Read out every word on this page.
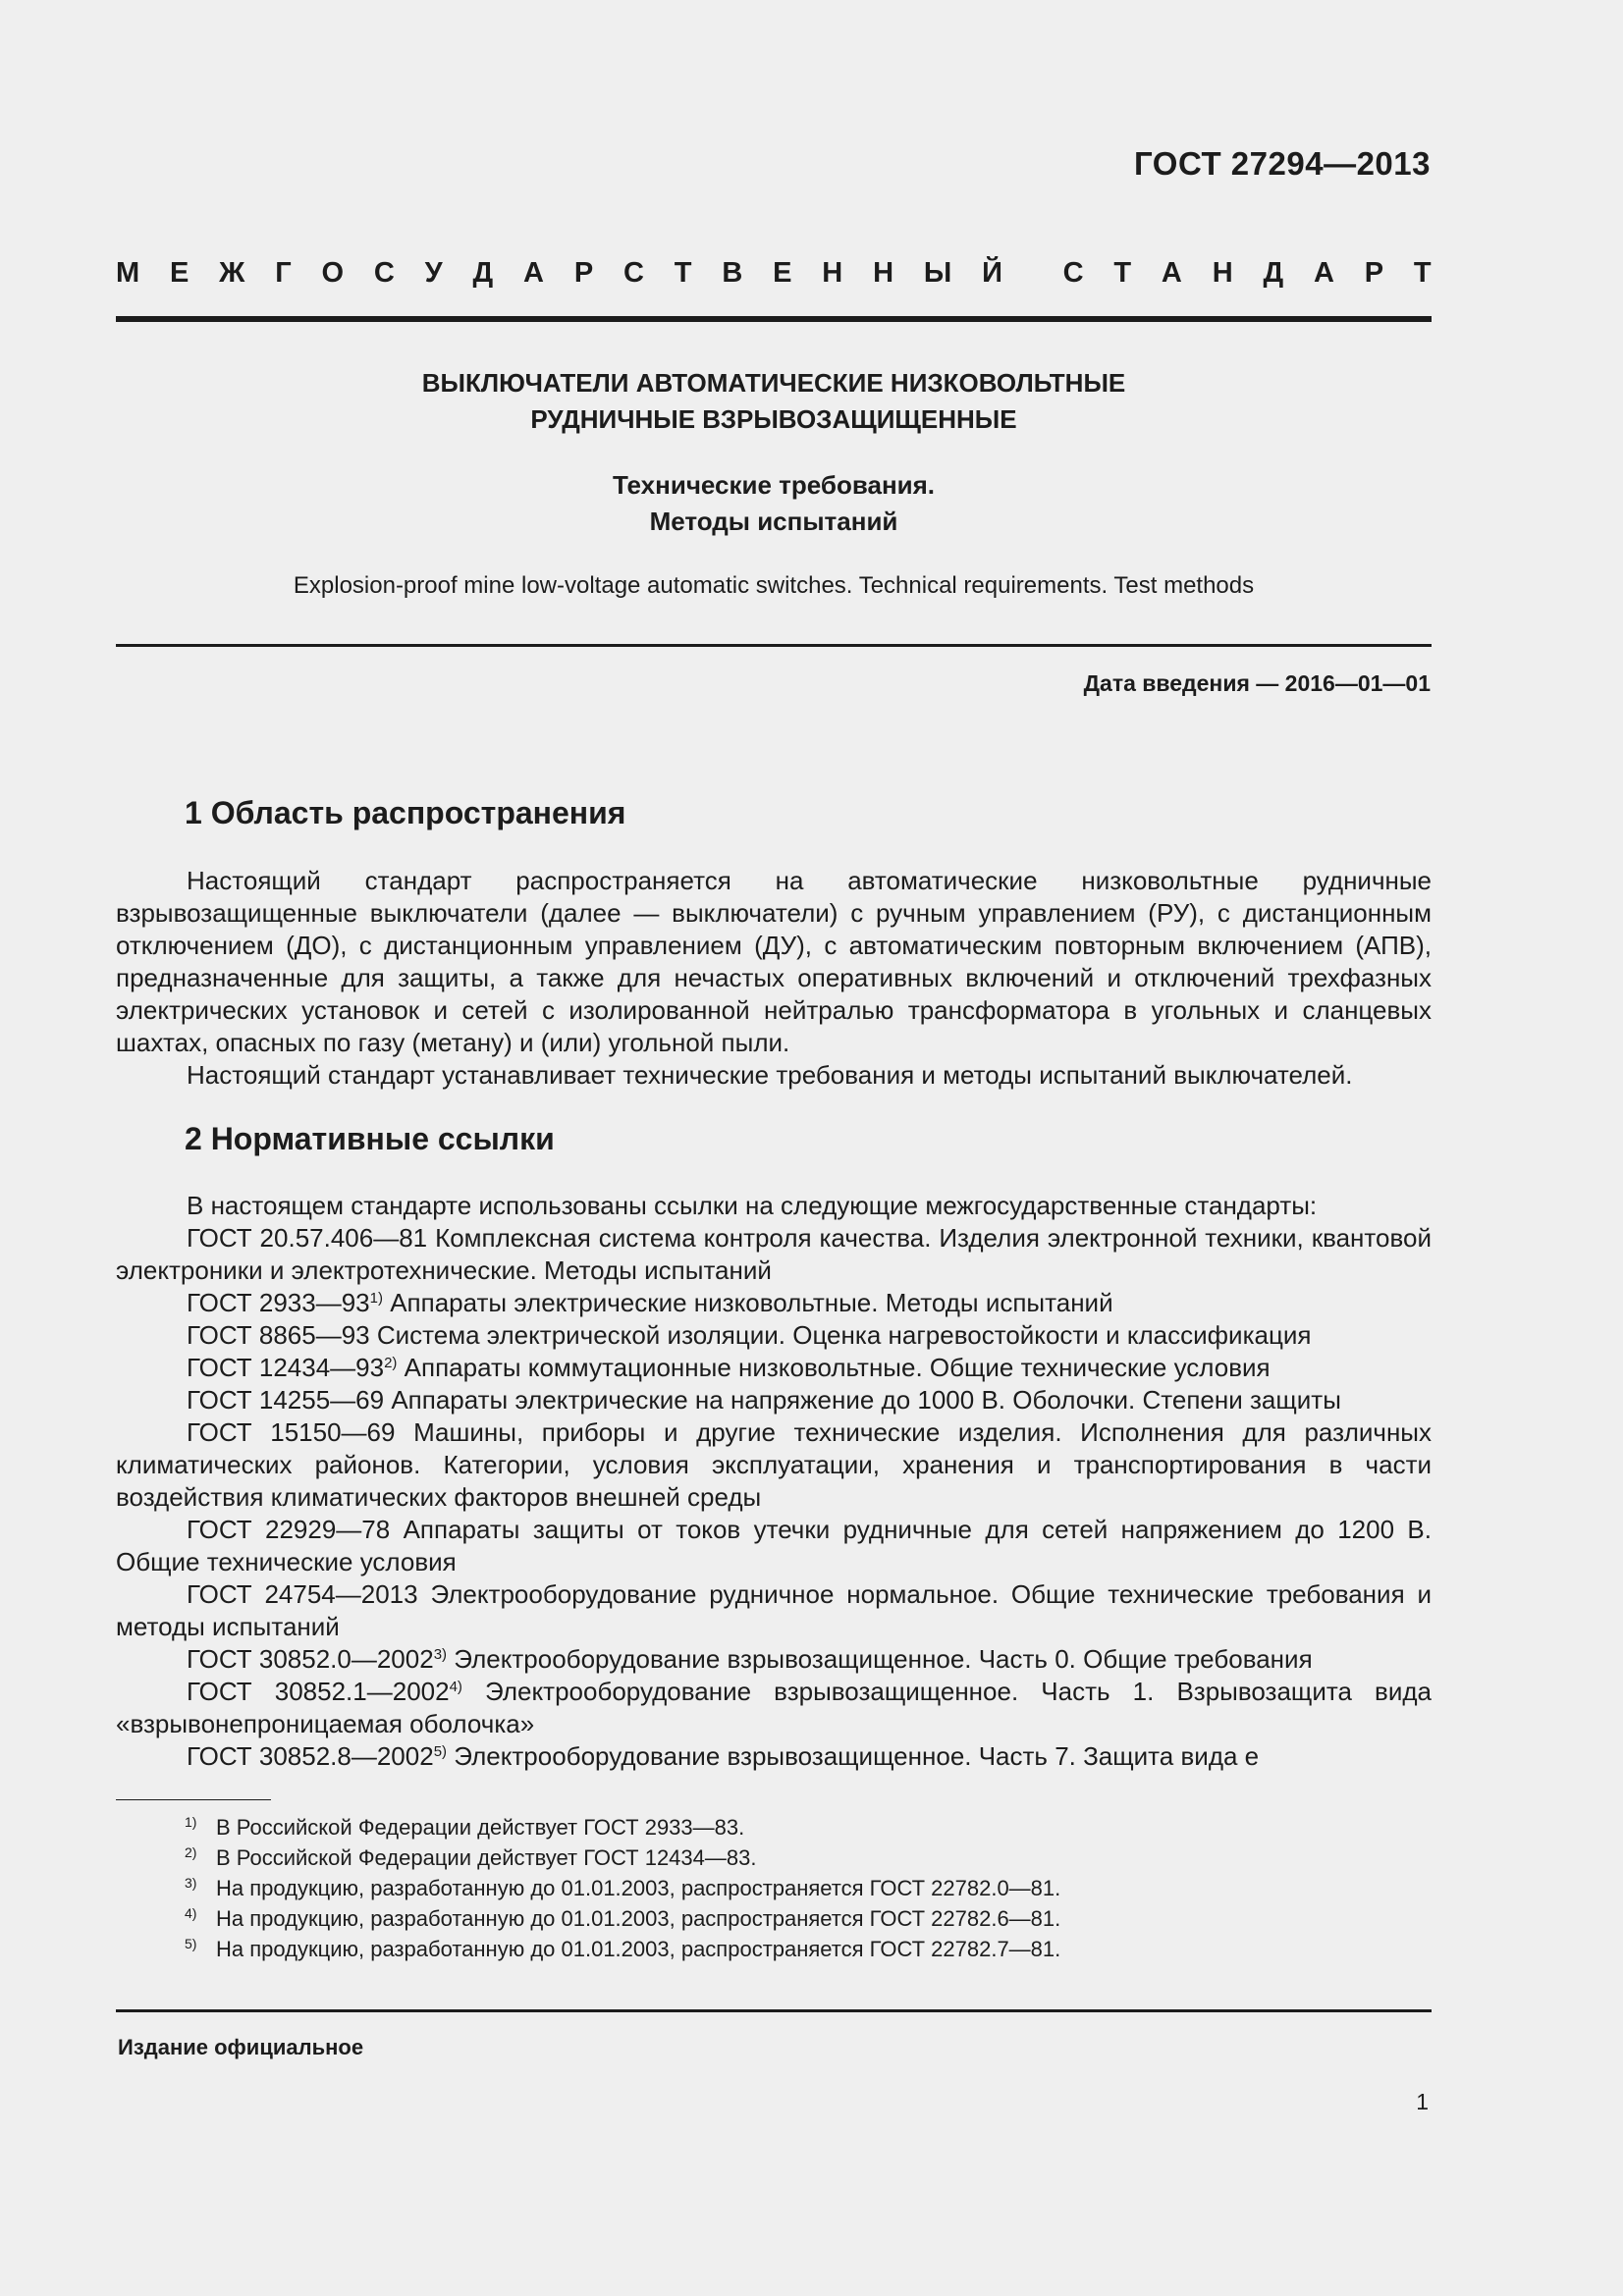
ГОСТ 27294—2013
М Е Ж Г О С У Д А Р С Т В Е Н Н Ы Й С Т А Н Д А Р Т
ВЫКЛЮЧАТЕЛИ АВТОМАТИЧЕСКИЕ НИЗКОВОЛЬТНЫЕ
РУДНИЧНЫЕ ВЗРЫВОЗАЩИЩЕННЫЕ
Технические требования.
Методы испытаний
Explosion-proof mine low-voltage automatic switches. Technical requirements. Test methods
Дата введения — 2016—01—01
1 Область распространения

Настоящий стандарт распространяется на автоматические низковольтные рудничные взрывозащищенные выключатели (далее — выключатели) с ручным управлением (РУ), с дистанционным отключением (ДО), с дистанционным управлением (ДУ), с автоматическим повторным включением (АПВ), предназначенные для защиты, а также для нечастых оперативных включений и отключений трехфазных электрических установок и сетей с изолированной нейтралью трансформатора в угольных и сланцевых шахтах, опасных по газу (метану) и (или) угольной пыли.

Настоящий стандарт устанавливает технические требования и методы испытаний выключателей.

2 Нормативные ссылки

В настоящем стандарте использованы ссылки на следующие межгосударственные стандарты:

ГОСТ 20.57.406—81 Комплексная система контроля качества. Изделия электронной техники, квантовой электроники и электротехнические. Методы испытаний

ГОСТ 2933—93$^{1)}$ Аппараты электрические низковольтные. Методы испытаний

ГОСТ 8865—93 Система электрической изоляции. Оценка нагревостойкости и классификация

ГОСТ 12434—93$^{2)}$ Аппараты коммутационные низковольтные. Общие технические условия

ГОСТ 14255—69 Аппараты электрические на напряжение до 1000 В. Оболочки. Степени защиты

ГОСТ 15150—69 Машины, приборы и другие технические изделия. Исполнения для различных климатических районов. Категории, условия эксплуатации, хранения и транспортирования в части воздействия климатических факторов внешней среды

ГОСТ 22929—78 Аппараты защиты от токов утечки рудничные для сетей напряжением до 1200 В. Общие технические условия

ГОСТ 24754—2013 Электрооборудование рудничное нормальное. Общие технические требования и методы испытаний

ГОСТ 30852.0—2002$^{3)}$ Электрооборудование взрывозащищенное. Часть 0. Общие требования

ГОСТ 30852.1—2002$^{4)}$ Электрооборудование взрывозащищенное. Часть 1. Взрывозащита вида «взрывонепроницаемая оболочка»

ГОСТ 30852.8—2002$^{5)}$ Электрооборудование взрывозащищенное. Часть 7. Защита вида е

$^{1)}$ В Российской Федерации действует ГОСТ 2933—83.
$^{2)}$ В Российской Федерации действует ГОСТ 12434—83.
$^{3)}$ На продукцию, разработанную до 01.01.2003, распространяется ГОСТ 22782.0—81.
$^{4)}$ На продукцию, разработанную до 01.01.2003, распространяется ГОСТ 22782.6—81.
$^{5)}$ На продукцию, разработанную до 01.01.2003, распространяется ГОСТ 22782.7—81.
Издание официальное
1
